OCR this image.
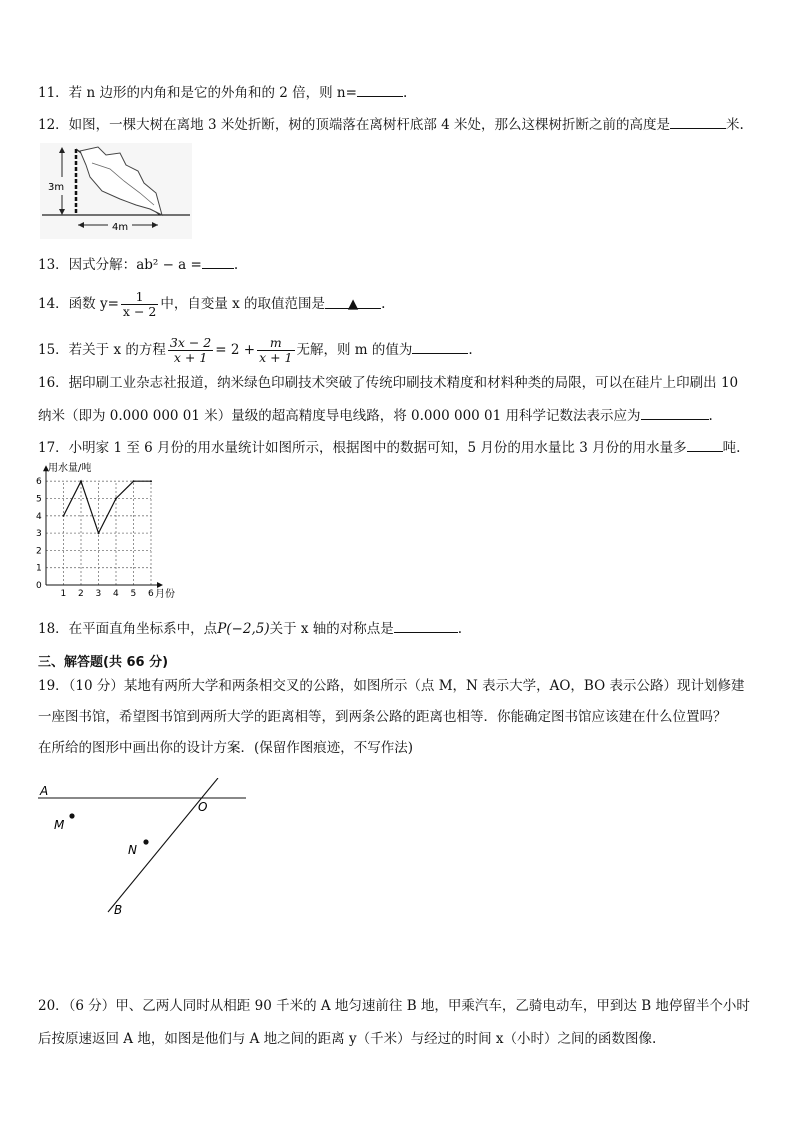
11．若 n 边形的内角和是它的外角和的 2 倍，则 n=	.
12．如图，一棵大树在离地 3 米处折断，树的顶端落在离树杆底部 4 米处，那么这棵树折断之前的高度是	米.
3m
4m
13．因式分解：ab² − a = .
14．函数 $y= \frac{1}{x - 2}$ 中，自变量 x 的取值范围是 ▲ .
15．若关于 x 的方程 $\frac{3x - 2}{x + 1} = 2 + \frac{m}{x + 1}$ 无解，则 m 的值为	.
16．据印刷工业杂志社报道，纳米绿色印刷技术突破了传统印刷技术精度和材料种类的局限，可以在硅片上印刷出 10
纳米（即为 0.000 000 01 米）量级的超高精度导电线路，将 0.000 000 01 用科学记数法表示应为	.
17．小明家 1 至 6 月份的用水量统计如图所示，根据图中的数据可知，5 月份的用水量比 3 月份的用水量多	吨.
1 2 3 4 5 6
0
1
2
3
4
5
6
用水量/吨
月份
18．在平面直角坐标系中，点P(−2,5)关于 x 轴的对称点是	.
三、解答题(共 66 分)
19．（10 分）某地有两所大学和两条相交叉的公路，如图所示（点 M，N 表示大学，AO，BO 表示公路）现计划修建
一座图书馆，希望图书馆到两所大学的距离相等，到两条公路的距离也相等．你能确定图书馆应该建在什么位置吗？
在所给的图形中画出你的设计方案．(保留作图痕迹，不写作法)
A
O
M
N
B
20．（6 分）甲、乙两人同时从相距 90 千米的 A 地匀速前往 B 地，甲乘汽车，乙骑电动车，甲到达 B 地停留半个小时
后按原速返回 A 地，如图是他们与 A 地之间的距离 y（千米）与经过的时间 x（小时）之间的函数图像.
